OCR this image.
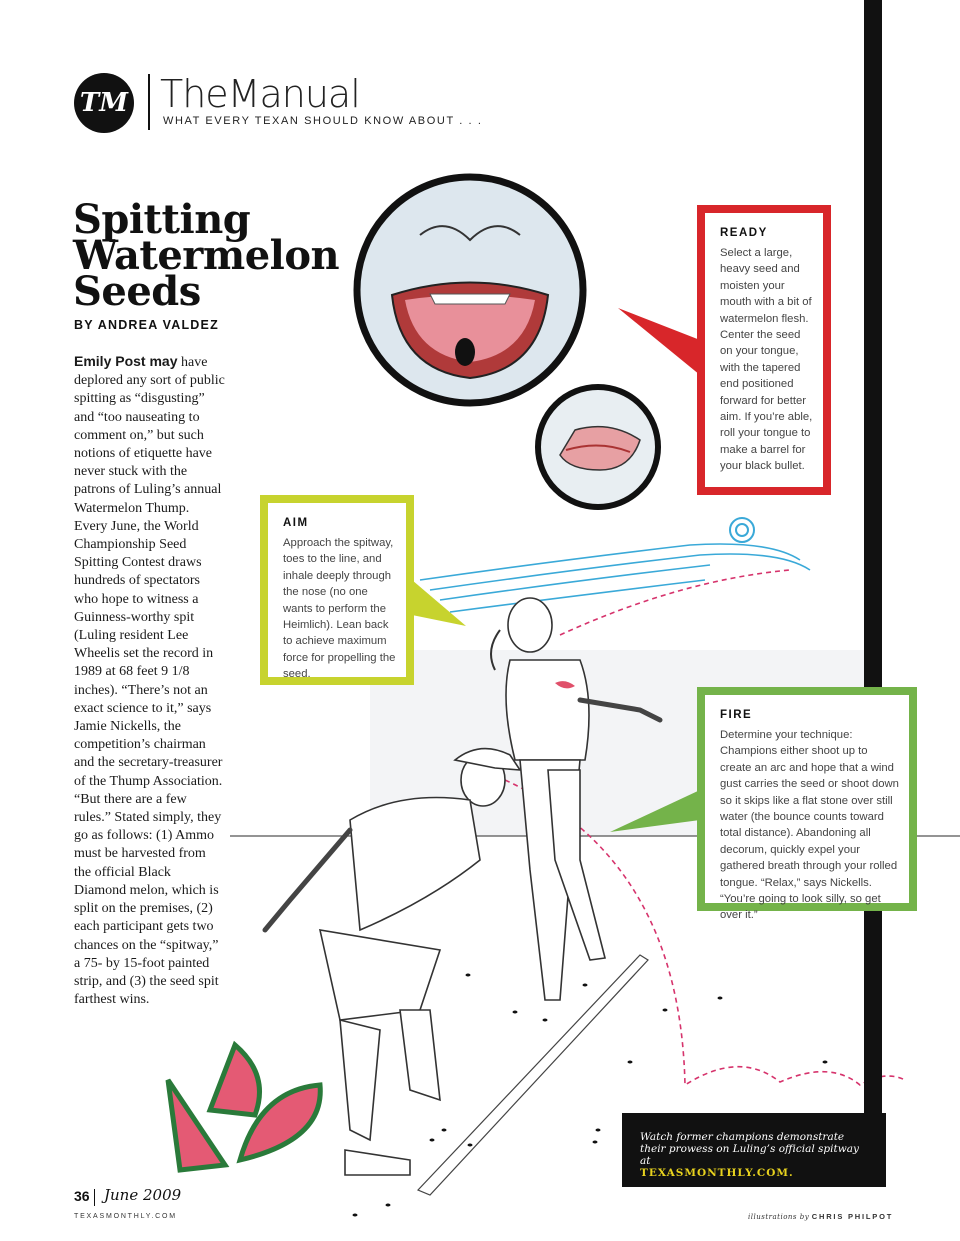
TM TheManual
WHAT EVERY TEXAN SHOULD KNOW ABOUT . . .
Spitting
Watermelon
Seeds
BY ANDREA VALDEZ
Emily Post may have deplored any sort of public spitting as “disgusting” and “too nauseating to comment on,” but such notions of etiquette have never stuck with the patrons of Luling’s annual Watermelon Thump. Every June, the World Championship Seed Spitting Contest draws hundreds of spectators who hope to witness a Guinness-worthy spit (Luling resident Lee Wheelis set the record in 1989 at 68 feet 9 1/8 inches). “There’s not an exact science to it,” says Jamie Nickells, the competition’s chairman and the secretary-treasurer of the Thump Association. “But there are a few rules.” Stated simply, they go as follows: (1) Ammo must be harvested from the official Black Diamond melon, which is split on the premises, (2) each participant gets two chances on the “spitway,” a 75- by 15-foot painted strip, and (3) the seed spit farthest wins.
READY

Select a large, heavy seed and moisten your mouth with a bit of watermelon flesh. Center the seed on your tongue, with the tapered end positioned forward for better aim. If you’re able, roll your tongue to make a barrel for your black bullet.

AIM

Approach the spitway, toes to the line, and inhale deeply through the nose (no one wants to perform the Heimlich). Lean back to achieve maximum force for propelling the seed.

FIRE

Determine your technique: Champions either shoot up to create an arc and hope that a wind gust carries the seed or shoot down so it skips like a flat stone over still water (the bounce counts toward total distance). Abandoning all decorum, quickly expel your gathered breath through your rolled tongue. “Relax,” says Nickells. “You’re going to look silly, so get over it.”

Watch former champions demonstrate their prowess on Luling’s official spitway at
TEXASMONTHLY.COM.
36 June 2009
TEXASMONTHLY.COM	illustrations by CHRIS PHILPOT
